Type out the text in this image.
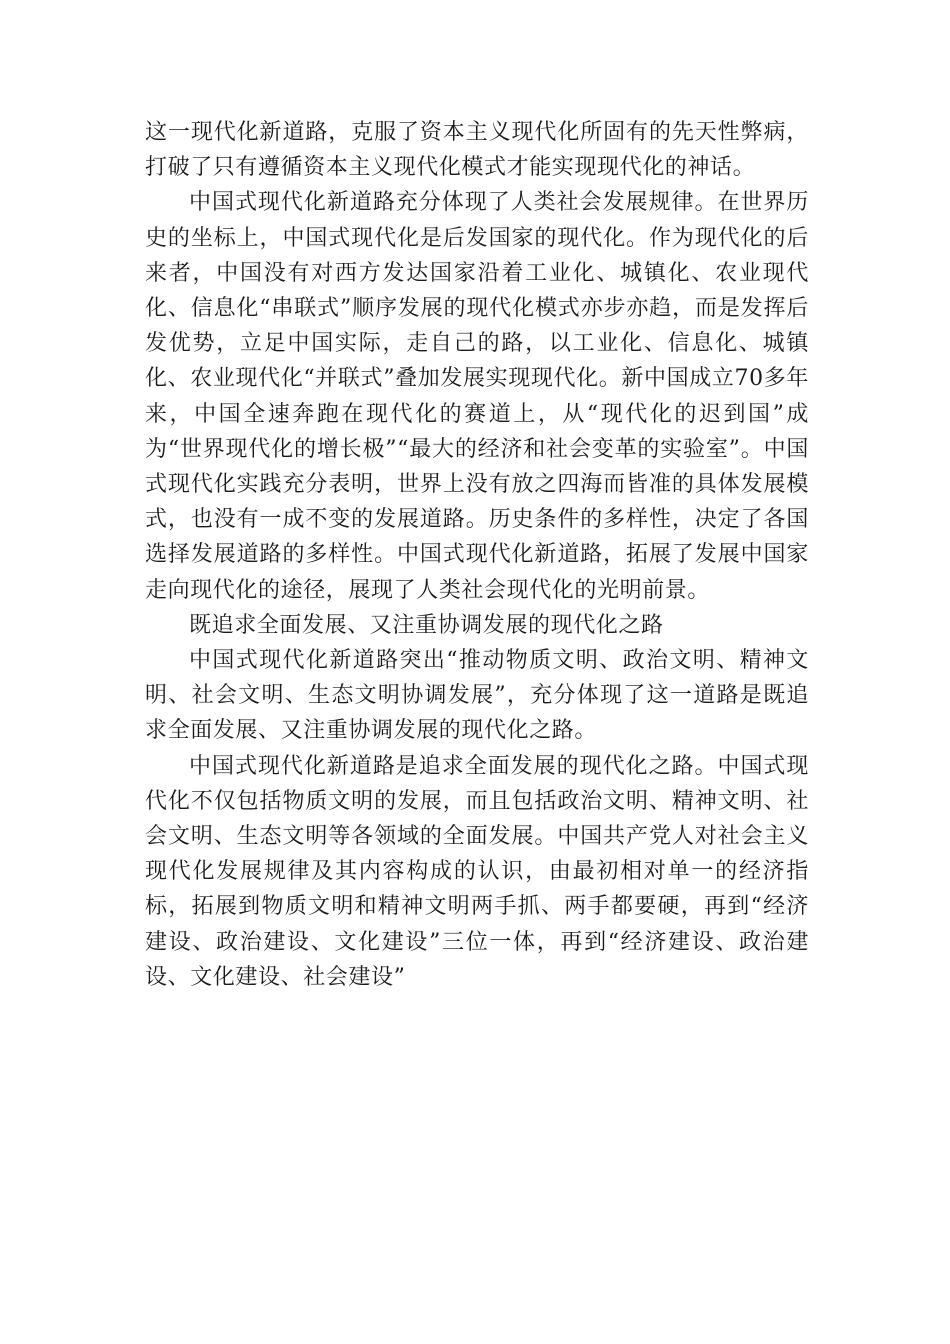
这一现代化新道路，克服了资本主义现代化所固有的先天性弊病，打破了只有遵循资本主义现代化模式才能实现现代化的神话。

中国式现代化新道路充分体现了人类社会发展规律。在世界历史的坐标上，中国式现代化是后发国家的现代化。作为现代化的后来者，中国没有对西方发达国家沿着工业化、城镇化、农业现代化、信息化“串联式”顺序发展的现代化模式亦步亦趋，而是发挥后发优势，立足中国实际，走自己的路，以工业化、信息化、城镇化、农业现代化“并联式”叠加发展实现现代化。新中国成立70多年来，中国全速奔跑在现代化的赛道上，从“现代化的迟到国”成为“世界现代化的增长极”“最大的经济和社会变革的实验室”。中国式现代化实践充分表明，世界上没有放之四海而皆准的具体发展模式，也没有一成不变的发展道路。历史条件的多样性，决定了各国选择发展道路的多样性。中国式现代化新道路，拓展了发展中国家走向现代化的途径，展现了人类社会现代化的光明前景。

既追求全面发展、又注重协调发展的现代化之路

中国式现代化新道路突出“推动物质文明、政治文明、精神文明、社会文明、生态文明协调发展”，充分体现了这一道路是既追求全面发展、又注重协调发展的现代化之路。

中国式现代化新道路是追求全面发展的现代化之路。中国式现代化不仅包括物质文明的发展，而且包括政治文明、精神文明、社会文明、生态文明等各领域的全面发展。中国共产党人对社会主义现代化发展规律及其内容构成的认识，由最初相对单一的经济指标，拓展到物质文明和精神文明两手抓、两手都要硬，再到“经济建设、政治建设、文化建设”三位一体，再到“经济建设、政治建设、文化建设、社会建设”
